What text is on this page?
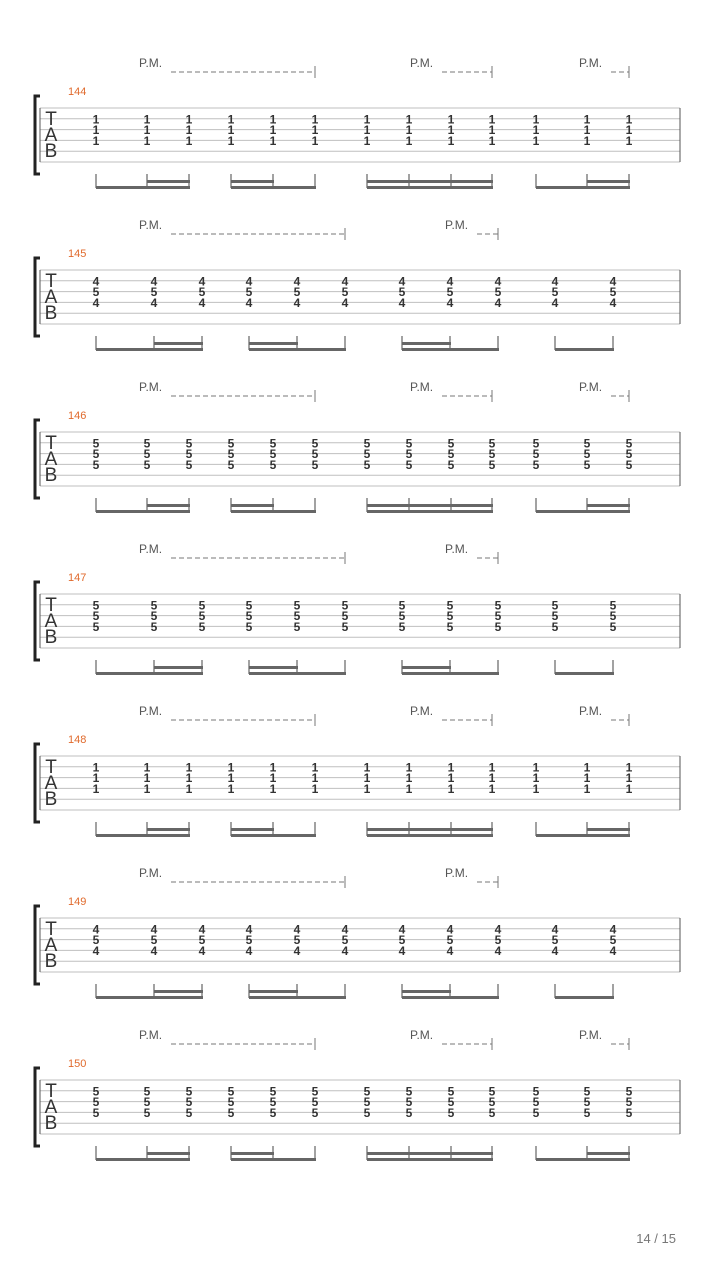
T
A
B
1
1
1
1
1
1
1
1
1
1
1
1
1
1
1
1
1
1
1
1
1
1
1
1
1
1
1
1
1
1
1
1
1
1
1
1
1
1
1
P.M.	P.M.	P.M.
144
T
A
B
4
5
4
4
5
4
4
5
4
4
5
4
4
5
4
4
5
4
4
5
4
4
5
4
4
5
4
4
5
4
4
5
4
P.M.	P.M.
145
T
A
B
5
5
5
5
5
5
5
5
5
5
5
5
5
5
5
5
5
5
5
5
5
5
5
5
5
5
5
5
5
5
5
5
5
5
5
5
5
5
5
P.M.	P.M.	P.M.
146
T
A
B
5
5
5
5
5
5
5
5
5
5
5
5
5
5
5
5
5
5
5
5
5
5
5
5
5
5
5
5
5
5
5
5
5
P.M.	P.M.
147
T
A
B
1
1
1
1
1
1
1
1
1
1
1
1
1
1
1
1
1
1
1
1
1
1
1
1
1
1
1
1
1
1
1
1
1
1
1
1
1
1
1
P.M.	P.M.	P.M.
148
T
A
B
4
5
4
4
5
4
4
5
4
4
5
4
4
5
4
4
5
4
4
5
4
4
5
4
4
5
4
4
5
4
4
5
4
P.M.	P.M.
149
T
A
B
5
5
5
5
5
5
5
5
5
5
5
5
5
5
5
5
5
5
5
5
5
5
5
5
5
5
5
5
5
5
5
5
5
5
5
5
5
5
5
P.M.	P.M.	P.M.
150
14 / 15
